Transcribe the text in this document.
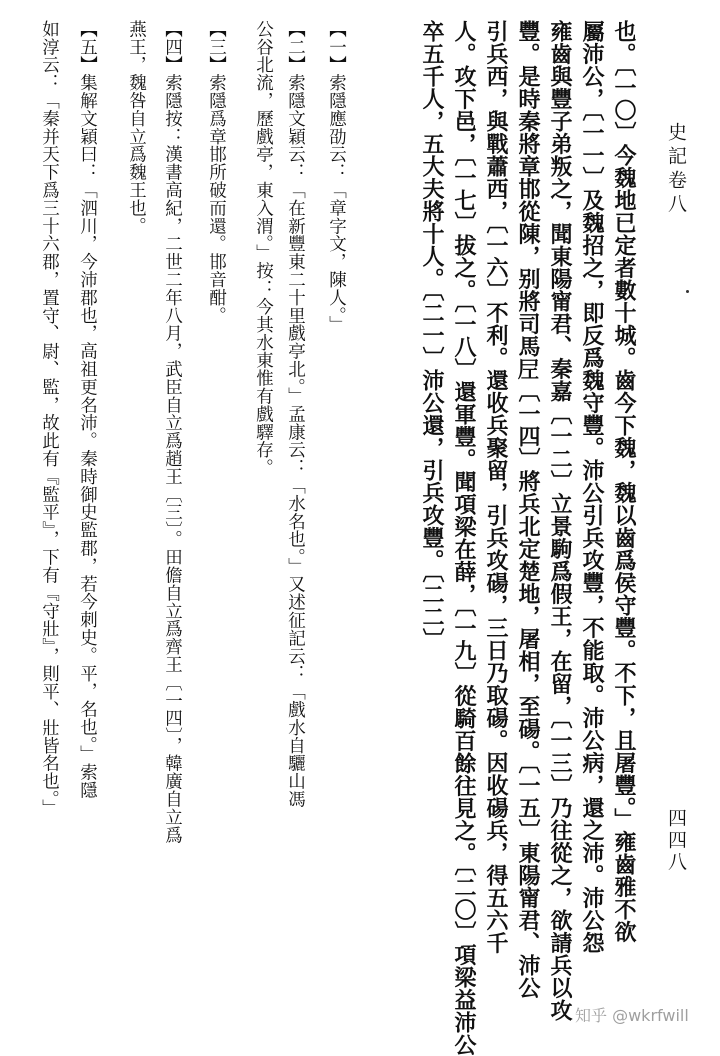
史記卷八
四四八
也。〔一〇〕今魏地已定者數十城。齒今下魏，魏以齒爲侯守豐。不下，且屠豐。」雍齒雅不欲
屬沛公，〔一一〕及魏招之，即反爲魏守豐。沛公引兵攻豐，不能取。沛公病，還之沛。沛公怨
雍齒與豐子弟叛之，聞東陽甯君、秦嘉〔一二〕立景駒爲假王，在留，〔一三〕乃往從之，欲請兵以攻
豐。是時秦將章邯從陳，别將司馬𡰱〔一四〕將兵北定楚地，屠相，至碭。〔一五〕東陽甯君、沛公
引兵西，與戰蕭西，〔一六〕不利。還收兵聚留，引兵攻碭，三日乃取碭。因收碭兵，得五六千
人。攻下邑，〔一七〕拔之。〔一八〕還軍豐。聞項梁在薛，〔一九〕從騎百餘往見之。〔二〇〕項梁益沛公
卒五千人，五大夫將十人。〔二一〕沛公還，引兵攻豐。〔二二〕
【一】索隱應劭云：「章字文，陳人。」
【二】索隱文穎云：「在新豐東二十里戲亭北。」孟康云：「水名也。」又述征記云：「戲水自驪山馮
公谷北流，歷戲亭，東入渭。」按：今其水東惟有戲驛存。
【三】索隱爲章邯所破而還。邯音酣。
【四】索隱按：漢書高紀，二世二年八月，武臣自立爲趙王〔三〕。田儋自立爲齊王〔一四〕，韓廣自立爲
燕王，魏咎自立爲魏王也。
【五】集解文穎曰：「泗川，今沛郡也，高祖更名沛。秦時御史監郡，若今刺史。平，名也。」索隱
如淳云：「秦并天下爲三十六郡，置守、尉、監，故此有『監平』，下有『守壯』，則平、壯皆名也。」
知乎 @wkrfwill
